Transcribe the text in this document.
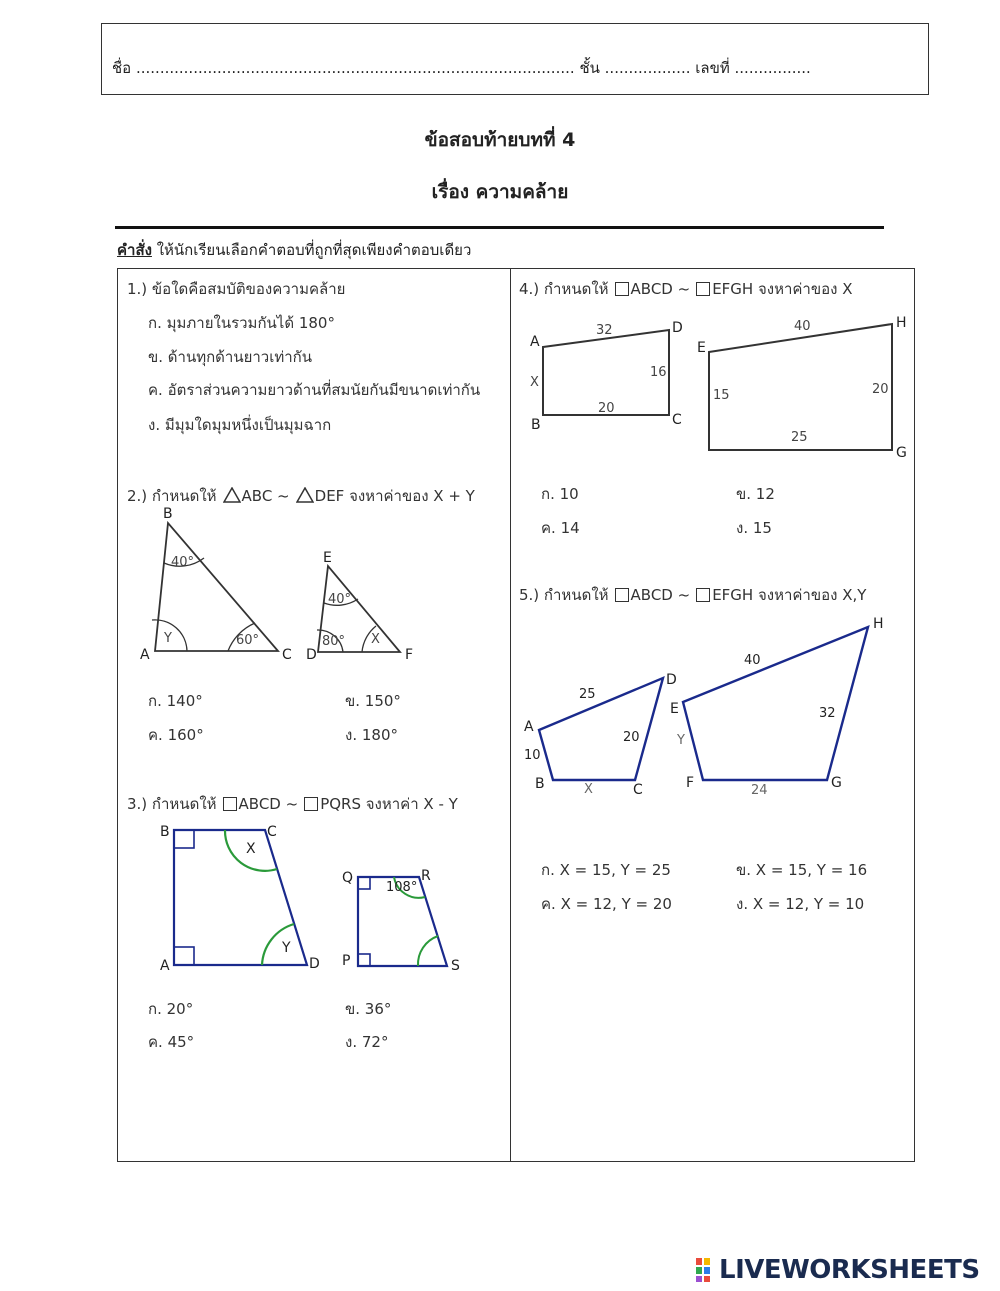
ชื่อ ............................................................................................ ชั้น .................. เลขที่ ................
ข้อสอบท้ายบทที่ 4
เรื่อง ความคล้าย
คำสั่ง ให้นักเรียนเลือกคำตอบที่ถูกที่สุดเพียงคำตอบเดียว
1.) ข้อใดคือสมบัติของความคล้าย
ก. มุมภายในรวมกันได้ 180°
ข. ด้านทุกด้านยาวเท่ากัน
ค. อัตราส่วนความยาวด้านที่สมนัยกันมีขนาดเท่ากัน
ง. มีมุมใดมุมหนึ่งเป็นมุมฉาก
2.) กำหนดให้ ABC ~ DEF จงหาค่าของ X + Y
B
A	C
40°
60°
Y
E
D	F
40°
80° X
ก. 140°	ข. 150°
ค. 160°	ง. 180°
3.) กำหนดให้ ABCD ~ PQRS จงหาค่า X - Y
B	C
A	D
X
Y
Q	R
P	S
108°
ก. 20°	ข. 36°
ค. 45°	ง. 72°
4.) กำหนดให้ ABCD ~ EFGH จงหาค่าของ X
A
D
C
B
32
16
20
X
E
H
G
40
20
25
15
ก. 10	ข. 12
ค. 14	ง. 15
5.) กำหนดให้ ABCD ~ EFGH จงหาค่าของ X,Y
A
D
C
B
25
10
20
X
E
H
G
F
40
Y
32
24
ก. X = 15, Y = 25	ข. X = 15, Y = 16
ค. X = 12, Y = 20	ง. X = 12, Y = 10
LIVEWORKSHEETS
